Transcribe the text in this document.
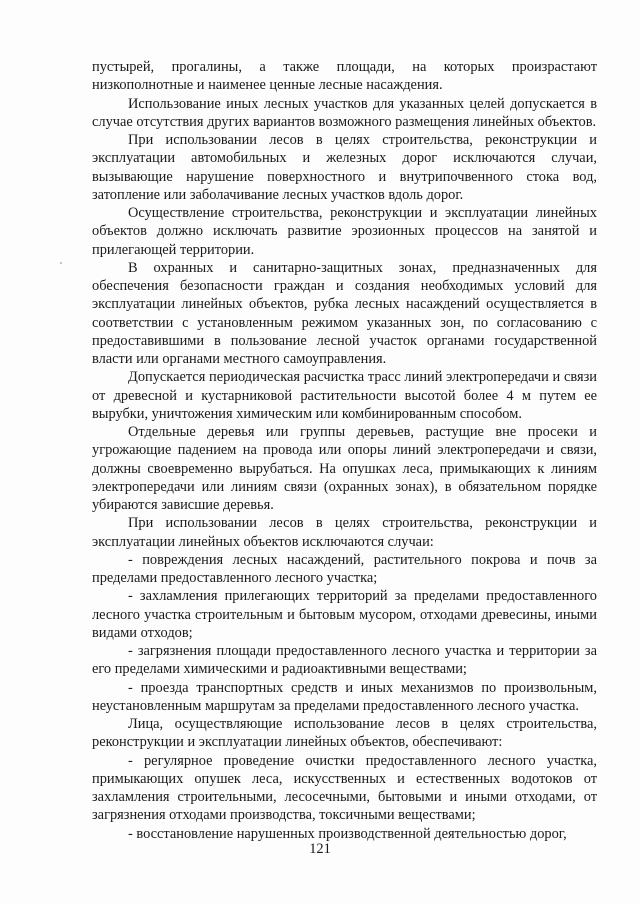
пустырей, прогалины, а также площади, на которых произрастают низкополнотные и наименее ценные лесные насаждения.

Использование иных лесных участков для указанных целей допускается в случае отсутствия других вариантов возможного размещения линейных объектов.

При использовании лесов в целях строительства, реконструкции и эксплуатации автомобильных и железных дорог исключаются случаи, вызывающие нарушение поверхностного и внутрипочвенного стока вод, затопление или заболачивание лесных участков вдоль дорог.

Осуществление строительства, реконструкции и эксплуатации линейных объектов должно исключать развитие эрозионных процессов на занятой и прилегающей территории.

В охранных и санитарно-защитных зонах, предназначенных для обеспечения безопасности граждан и создания необходимых условий для эксплуатации линейных объектов, рубка лесных насаждений осуществляется в соответствии с установленным режимом указанных зон, по согласованию с предоставившими в пользование лесной участок органами государственной власти или органами местного самоуправления.

Допускается периодическая расчистка трасс линий электропередачи и связи от древесной и кустарниковой растительности высотой более 4 м путем ее вырубки, уничтожения химическим или комбинированным способом.

Отдельные деревья или группы деревьев, растущие вне просеки и угрожающие падением на провода или опоры линий электропередачи и связи, должны своевременно вырубаться. На опушках леса, примыкающих к линиям электропередачи или линиям связи (охранных зонах), в обязательном порядке убираются зависшие деревья.

При использовании лесов в целях строительства, реконструкции и эксплуатации линейных объектов исключаются случаи:

- повреждения лесных насаждений, растительного покрова и почв за пределами предоставленного лесного участка;

- захламления прилегающих территорий за пределами предоставленного лесного участка строительным и бытовым мусором, отходами древесины, иными видами отходов;

- загрязнения площади предоставленного лесного участка и территории за его пределами химическими и радиоактивными веществами;

- проезда транспортных средств и иных механизмов по произвольным, неустановленным маршрутам за пределами предоставленного лесного участка.

Лица, осуществляющие использование лесов в целях строительства, реконструкции и эксплуатации линейных объектов, обеспечивают:

- регулярное проведение очистки предоставленного лесного участка, примыкающих опушек леса, искусственных и естественных водотоков от захламления строительными, лесосечными, бытовыми и иными отходами, от загрязнения отходами производства, токсичными веществами;

- восстановление нарушенных производственной деятельностью дорог,

121
